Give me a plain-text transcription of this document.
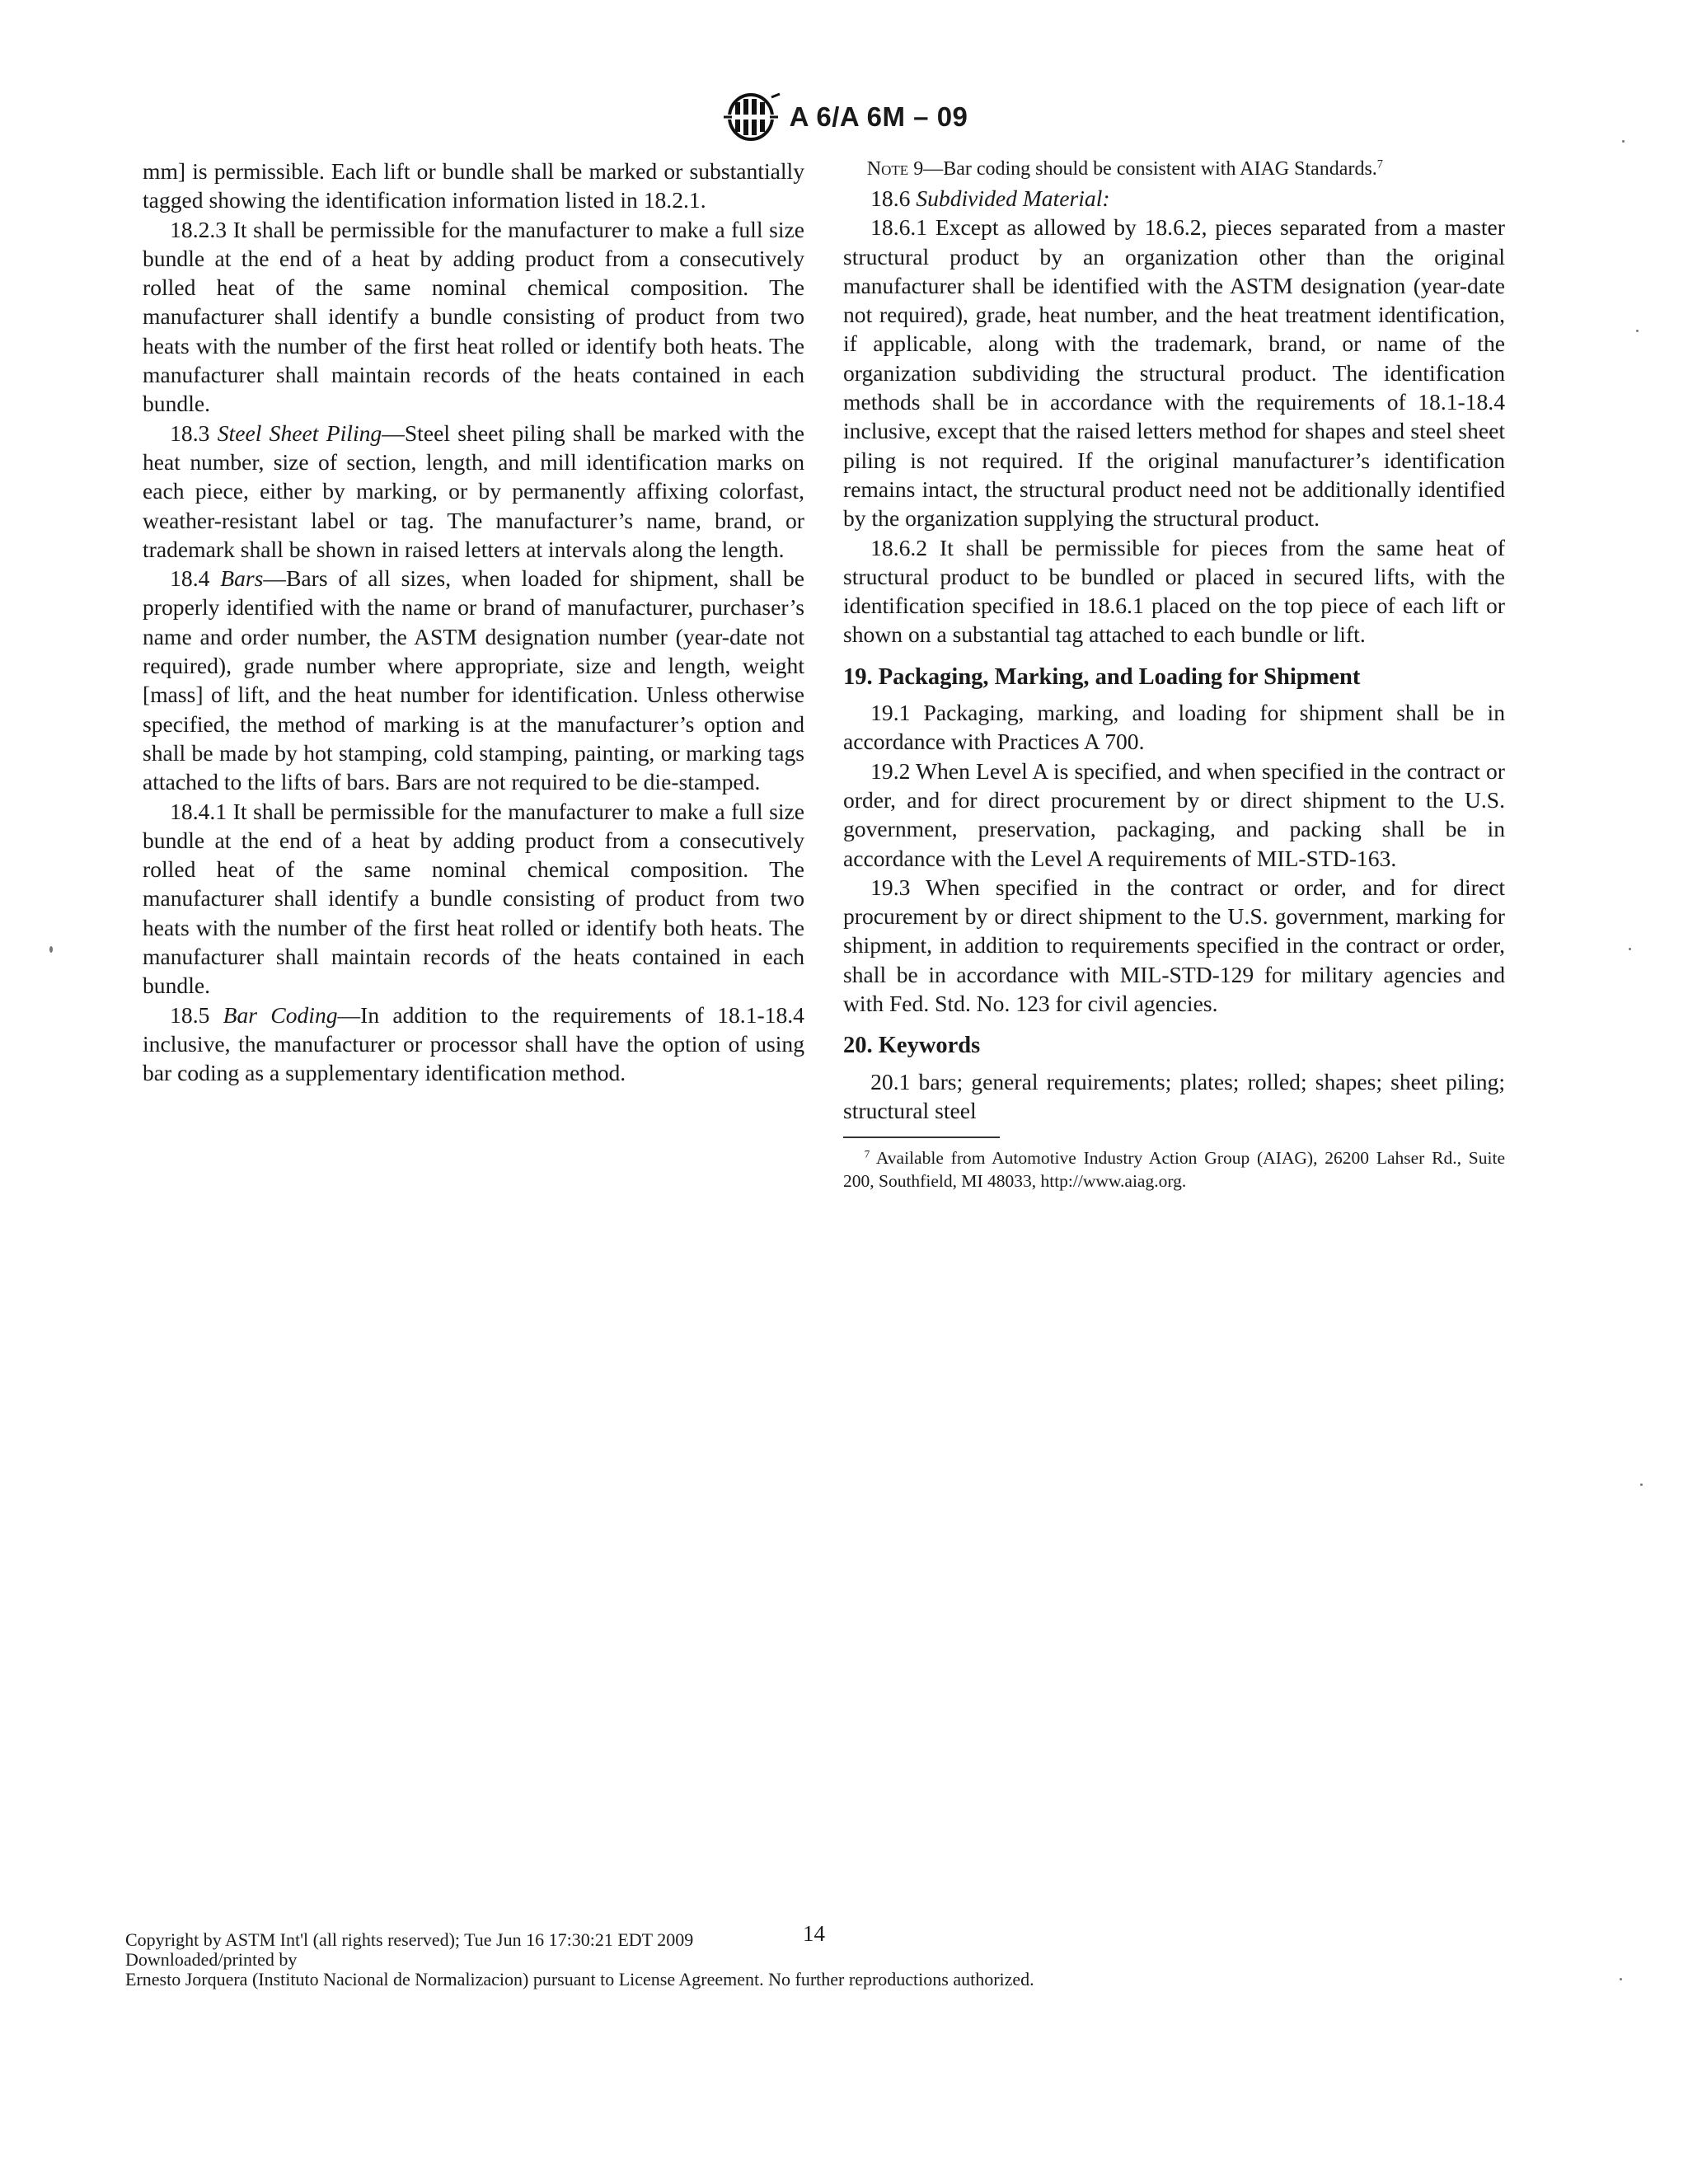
A 6/A 6M – 09

mm] is permissible. Each lift or bundle shall be marked or substantially tagged showing the identification information listed in 18.2.1.

18.2.3 It shall be permissible for the manufacturer to make a full size bundle at the end of a heat by adding product from a consecutively rolled heat of the same nominal chemical composition. The manufacturer shall identify a bundle consisting of product from two heats with the number of the first heat rolled or identify both heats. The manufacturer shall maintain records of the heats contained in each bundle.

18.3 Steel Sheet Piling—Steel sheet piling shall be marked with the heat number, size of section, length, and mill identification marks on each piece, either by marking, or by permanently affixing colorfast, weather-resistant label or tag. The manufacturer’s name, brand, or trademark shall be shown in raised letters at intervals along the length.

18.4 Bars—Bars of all sizes, when loaded for shipment, shall be properly identified with the name or brand of manufacturer, purchaser’s name and order number, the ASTM designation number (year-date not required), grade number where appropriate, size and length, weight [mass] of lift, and the heat number for identification. Unless otherwise specified, the method of marking is at the manufacturer’s option and shall be made by hot stamping, cold stamping, painting, or marking tags attached to the lifts of bars. Bars are not required to be die-stamped.

18.4.1 It shall be permissible for the manufacturer to make a full size bundle at the end of a heat by adding product from a consecutively rolled heat of the same nominal chemical composition. The manufacturer shall identify a bundle consisting of product from two heats with the number of the first heat rolled or identify both heats. The manufacturer shall maintain records of the heats contained in each bundle.

18.5 Bar Coding—In addition to the requirements of 18.1-18.4 inclusive, the manufacturer or processor shall have the option of using bar coding as a supplementary identification method.

Note 9—Bar coding should be consistent with AIAG Standards.$^7$

18.6 Subdivided Material:

18.6.1 Except as allowed by 18.6.2, pieces separated from a master structural product by an organization other than the original manufacturer shall be identified with the ASTM designation (year-date not required), grade, heat number, and the heat treatment identification, if applicable, along with the trademark, brand, or name of the organization subdividing the structural product. The identification methods shall be in accordance with the requirements of 18.1-18.4 inclusive, except that the raised letters method for shapes and steel sheet piling is not required. If the original manufacturer’s identification remains intact, the structural product need not be additionally identified by the organization supplying the structural product.

18.6.2 It shall be permissible for pieces from the same heat of structural product to be bundled or placed in secured lifts, with the identification specified in 18.6.1 placed on the top piece of each lift or shown on a substantial tag attached to each bundle or lift.

19. Packaging, Marking, and Loading for Shipment

19.1 Packaging, marking, and loading for shipment shall be in accordance with Practices A 700.

19.2 When Level A is specified, and when specified in the contract or order, and for direct procurement by or direct shipment to the U.S. government, preservation, packaging, and packing shall be in accordance with the Level A requirements of MIL-STD-163.

19.3 When specified in the contract or order, and for direct procurement by or direct shipment to the U.S. government, marking for shipment, in addition to requirements specified in the contract or order, shall be in accordance with MIL-STD-129 for military agencies and with Fed. Std. No. 123 for civil agencies.

20. Keywords

20.1 bars; general requirements; plates; rolled; shapes; sheet piling; structural steel

$^7$ Available from Automotive Industry Action Group (AIAG), 26200 Lahser Rd., Suite 200, Southfield, MI 48033, http://www.aiag.org.

Copyright by ASTM Int'l (all rights reserved); Tue Jun 16 17:30:21 EDT 2009	14
Downloaded/printed by
Ernesto Jorquera (Instituto Nacional de Normalizacion) pursuant to License Agreement. No further reproductions authorized.
